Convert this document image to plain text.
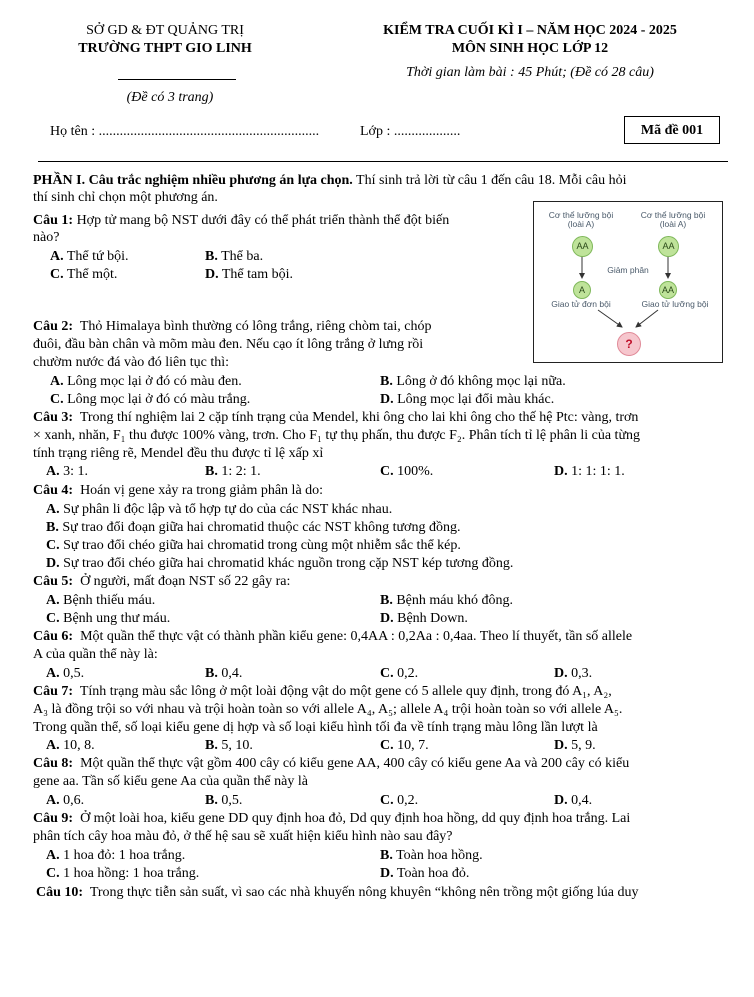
SỞ GD & ĐT QUẢNG TRỊ
TRƯỜNG THPT GIO LINH
(Đề có 3 trang)
KIỂM TRA CUỐI KÌ I – NĂM HỌC 2024 - 2025
MÔN SINH HỌC LỚP 12
Thời gian làm bài : 45 Phút; (Đề có 28 câu)
Họ tên : ...............................................................	Lớp : ...................	Mã đề 001
PHẦN I. Câu trắc nghiệm nhiều phương án lựa chọn. Thí sinh trả lời từ câu 1 đến câu 18. Mỗi câu hỏi
thí sinh chỉ chọn một phương án.
Cơ thể lưỡng bội
(loài A)
Cơ thể lưỡng bội
(loài A)
AA	AA
Giảm phân
A	AA
Giao tử đơn bội	Giao tử lưỡng bội
?
Câu 1: Hợp tử mang bộ NST dưới đây có thể phát triển thành thể đột biến
nào?
A. Thể tứ bội.	B. Thể ba.
C. Thể một.	D. Thể tam bội.
Câu 2: Thỏ Himalaya bình thường có lông trắng, riêng chòm tai, chóp
đuôi, đầu bàn chân và mõm màu đen. Nếu cạo ít lông trắng ở lưng rồi
chườm nước đá vào đó liên tục thì:
A. Lông mọc lại ở đó có màu đen.	B. Lông ở đó không mọc lại nữa.
C. Lông mọc lại ở đó có màu trắng.	D. Lông mọc lại đổi màu khác.
Câu 3: Trong thí nghiệm lai 2 cặp tính trạng của Mendel, khi ông cho lai khi ông cho thế hệ Ptc: vàng, trơn
× xanh, nhăn, F₁ thu được 100% vàng, trơn. Cho F₁ tự thụ phấn, thu được F₂. Phân tích tỉ lệ phân li của từng
tính trạng riêng rẽ, Mendel đều thu được tỉ lệ xấp xỉ
A. 3: 1.	B. 1: 2: 1.	C. 100%.	D. 1: 1: 1: 1.
Câu 4: Hoán vị gene xảy ra trong giảm phân là do:
A. Sự phân li độc lập và tổ hợp tự do của các NST khác nhau.
B. Sự trao đổi đoạn giữa hai chromatid thuộc các NST không tương đồng.
C. Sự trao đổi chéo giữa hai chromatid trong cùng một nhiễm sắc thể kép.
D. Sự trao đổi chéo giữa hai chromatid khác nguồn trong cặp NST kép tương đồng.
Câu 5: Ở người, mất đoạn NST số 22 gây ra:
A. Bệnh thiếu máu.	B. Bệnh máu khó đông.
C. Bệnh ung thư máu.	D. Bệnh Down.
Câu 6: Một quần thể thực vật có thành phần kiểu gene: 0,4AA : 0,2Aa : 0,4aa. Theo lí thuyết, tần số allele
A của quần thể này là:
A. 0,5.	B. 0,4.	C. 0,2.	D. 0,3.
Câu 7: Tính trạng màu sắc lông ở một loài động vật do một gene có 5 allele quy định, trong đó A₁, A₂,
A₃ là đồng trội so với nhau và trội hoàn toàn so với allele A₄, A₅; allele A₄ trội hoàn toàn so với allele A₅.
Trong quần thể, số loại kiểu gene dị hợp và số loại kiểu hình tối đa về tính trạng màu lông lần lượt là
A. 10, 8.	B. 5, 10.	C. 10, 7.	D. 5, 9.
Câu 8: Một quần thể thực vật gồm 400 cây có kiểu gene AA, 400 cây có kiểu gene Aa và 200 cây có kiểu
gene aa. Tần số kiểu gene Aa của quần thể này là
A. 0,6.	B. 0,5.	C. 0,2.	D. 0,4.
Câu 9: Ở một loài hoa, kiểu gene DD quy định hoa đỏ, Dd quy định hoa hồng, dd quy định hoa trắng. Lai
phân tích cây hoa màu đỏ, ở thế hệ sau sẽ xuất hiện kiểu hình nào sau đây?
A. 1 hoa đỏ: 1 hoa trắng.	B. Toàn hoa hồng.
C. 1 hoa hồng: 1 hoa trắng.	D. Toàn hoa đỏ.
Câu 10: Trong thực tiễn sản suất, vì sao các nhà khuyến nông khuyên “không nên trồng một giống lúa duy
